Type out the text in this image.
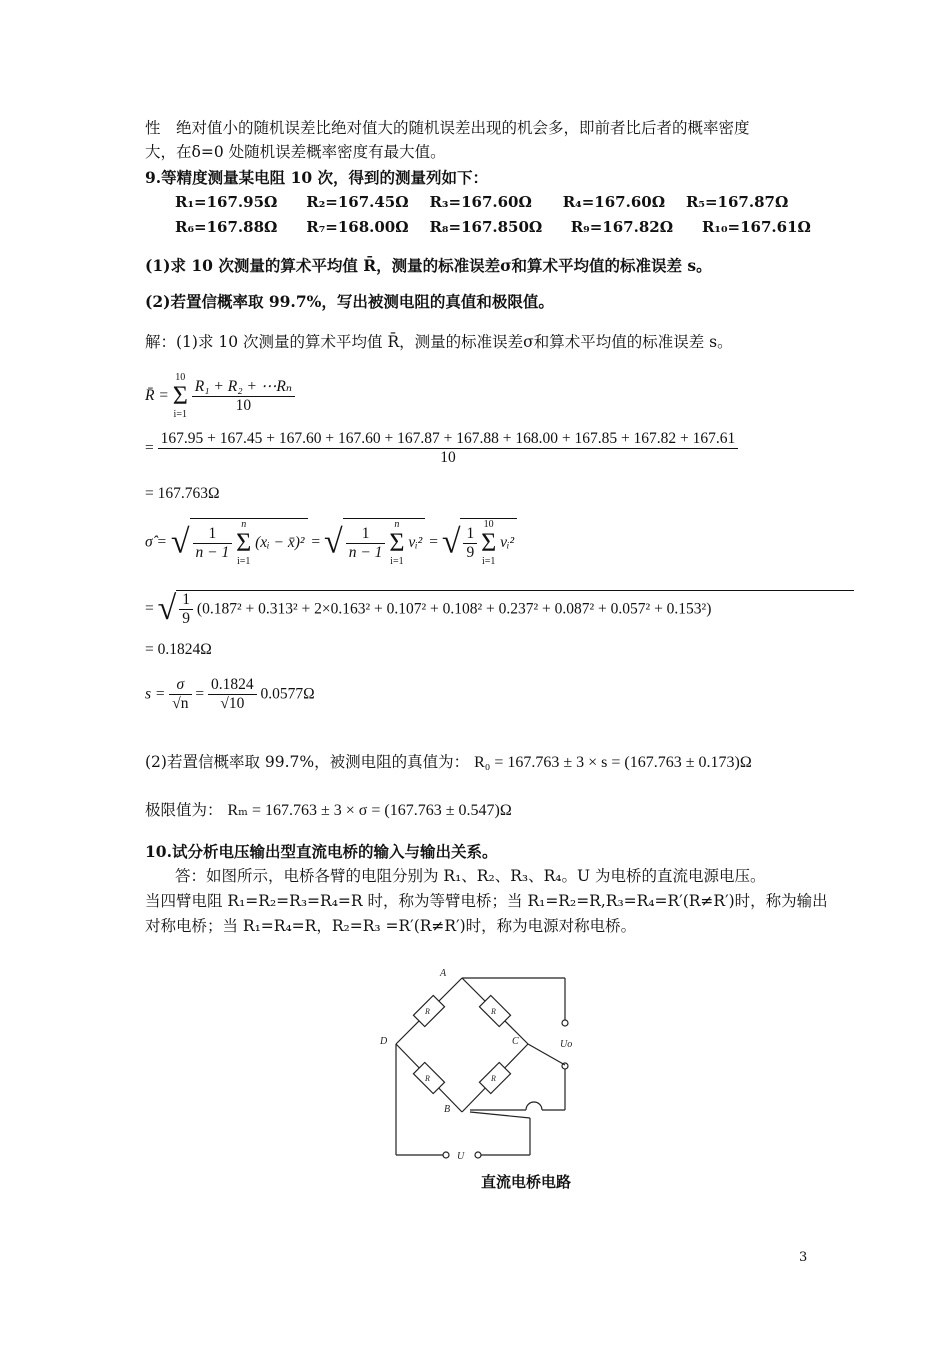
性　绝对值小的随机误差比绝对值大的随机误差出现的机会多，即前者比后者的概率密度
大，在δ=0 处随机误差概率密度有最大值。
9.等精度测量某电阻 10 次，得到的测量列如下：
R₁=167.95Ω R₂=167.45Ω R₃=167.60Ω R₄=167.60Ω R₅=167.87Ω
R₆=167.88Ω R₇=168.00Ω R₈=167.850Ω R₉=167.82Ω R₁₀=167.61Ω
(1)求 10 次测量的算术平均值 R̄，测量的标准误差σ和算术平均值的标准误差 s。
(2)若置信概率取 99.7%，写出被测电阻的真值和极限值。
解：(1)求 10 次测量的算术平均值 R̄，测量的标准误差σ和算术平均值的标准误差 s。
R̄ =
10
Σ
i=1
$\frac{\text{R₁ + R₂ + ⋯Rₙ}}{10}$
=
167.95 + 167.45 + 167.60 + 167.60 + 167.87 + 167.88 + 168.00 + 167.85 + 167.82 + 167.61
10
= 167.763Ω
σ̂ = √ $\frac{1}{n - 1}$
n
Σ
i=1
(xᵢ − x̄)² = √ $\frac{1}{n - 1}$
n
Σ
i=1
vᵢ² = √ $\frac{1}{9}$
10
Σ
i=1
vᵢ²
= √ $\frac{1}{9} (0.187^2 + 0.313^2 + 2\times 0.163^2 + 0.107^2 + 0.108^2 + 0.237^2 + 0.087^2 + 0.057^2 + 0.153^2)$
= 0.1824Ω
$s = \frac{\sigma}{√n} = \frac{0.1824}{√10} 0.0577\Omega$
(2)若置信概率取 99.7%，被测电阻的真值为： R₀ = 167.763 ± 3 × s = (167.763 ± 0.173)Ω
极限值为： Rₘ = 167.763 ± 3 × σ = (167.763 ± 0.547)Ω
10.试分析电压输出型直流电桥的输入与输出关系。
答：如图所示，电桥各臂的电阻分别为 R₁、R₂、R₃、R₄。U 为电桥的直流电源电压。
当四臂电阻 R₁=R₂=R₃=R₄=R 时，称为等臂电桥；当 R₁=R₂=R,R₃=R₄=R′(R≠R′)时，称为输出
对称电桥；当 R₁=R₄=R，R₂=R₃ =R′(R≠R′)时，称为电源对称电桥。
A
C
D
B
U
Uo
R	R
R	R
直流电桥电路
3
